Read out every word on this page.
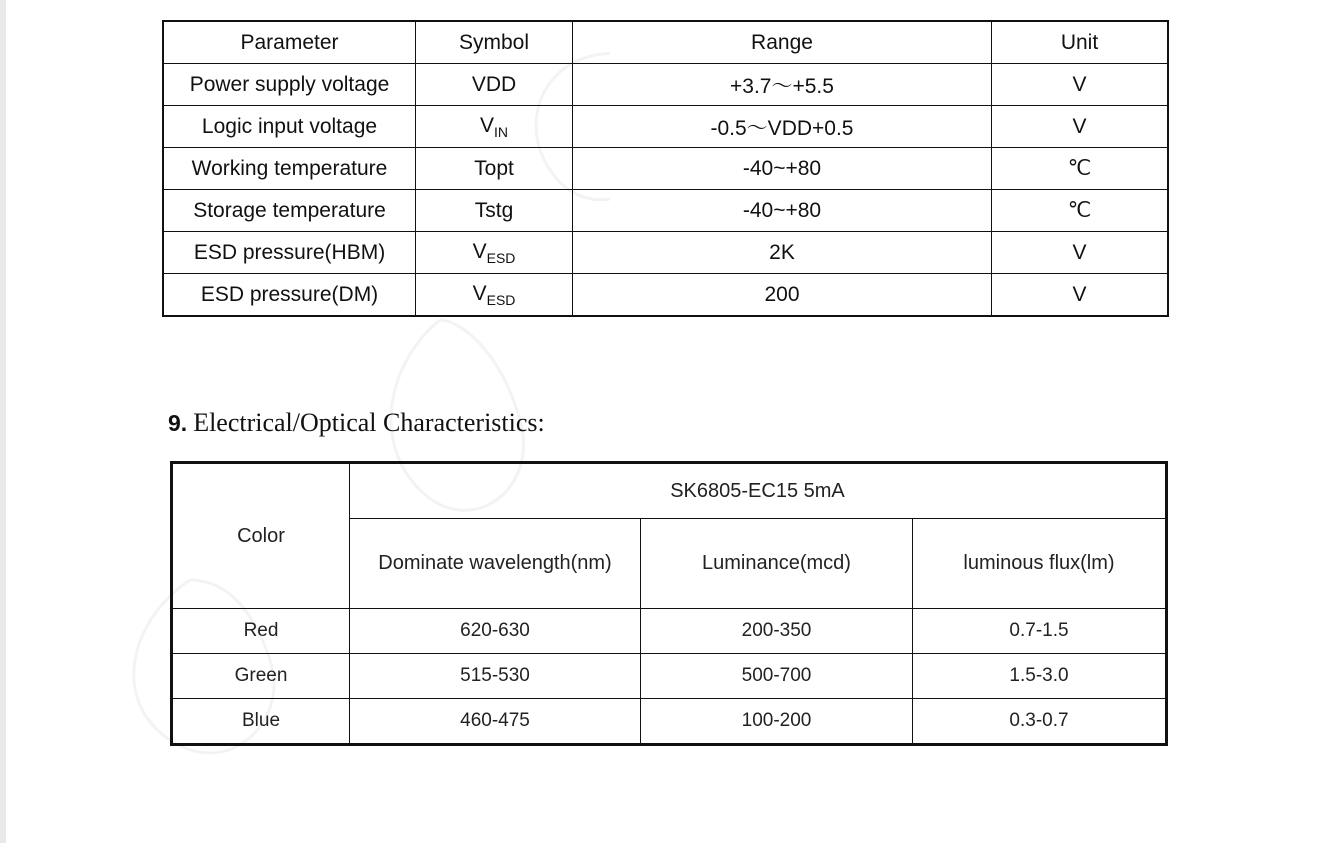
Parameter	Symbol	Range	Unit
Power supply voltage	VDD	+3.7～+5.5	V
Logic input voltage	$V_{IN}$	-0.5～VDD+0.5	V
Working temperature	Topt	-40~+80	℃
Storage temperature	Tstg	-40~+80	℃
ESD pressure(HBM)	$V_{ESD}$	2K	V
ESD pressure(DM)	$V_{ESD}$	200	V
9. Electrical/Optical Characteristics:
Color	SK6805-EC15 5mA		
	Dominate wavelength(nm)	Luminance(mcd)	luminous flux(lm)
Red	620-630	200-350	0.7-1.5
Green	515-530	500-700	1.5-3.0
Blue	460-475	100-200	0.3-0.7
